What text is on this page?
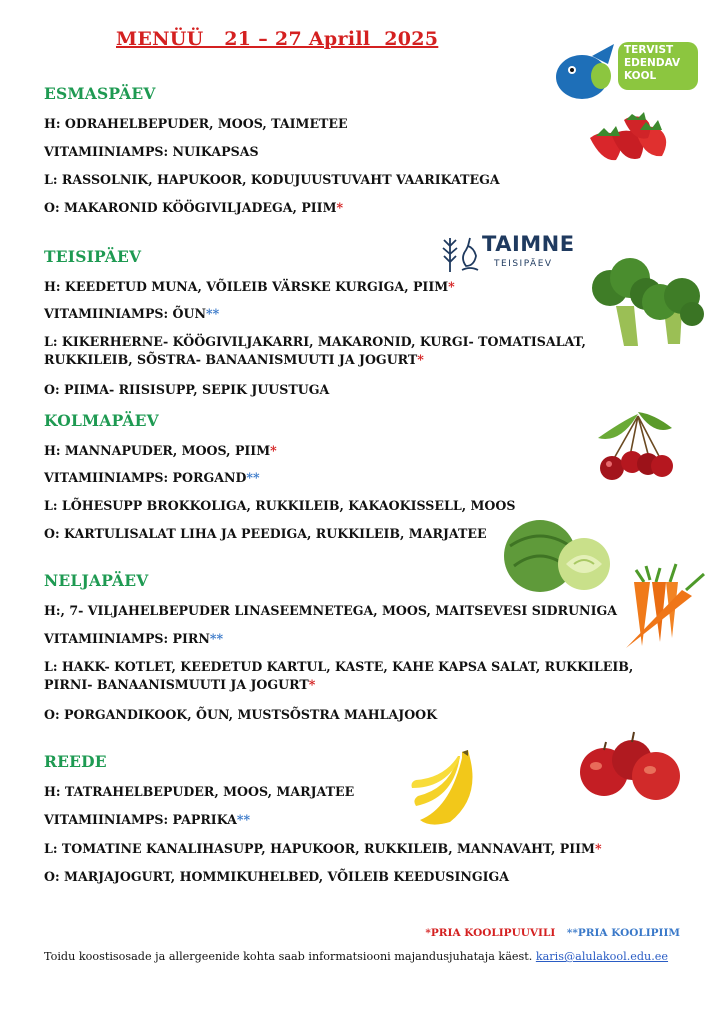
MENÜÜ   21 – 27 Aprill  2025	TERVIST
EDENDAV
KOOL
TAIMNE
TEISIPÄEV
ESMASPÄEV
H: ODRAHELBEPUDER, MOOS, TAIMETEE
VITAMIINIAMPS: NUIKAPSAS
L: RASSOLNIK, HAPUKOOR, KODUJUUSTUVAHT VAARIKATEGA
O: MAKARONID KÖÖGIVILJADEGA, PIIM*
TEISIPÄEV
H: KEEDETUD MUNA, VÕILEIB VÄRSKE KURGIGA, PIIM*
VITAMIINIAMPS: ÕUN**
L: KIKERHERNE- KÖÖGIVILJAKARRI, MAKARONID, KURGI- TOMATISALAT, RUKKILEIB, SÕSTRA- BANAANISMUUTI JA JOGURT*
O: PIIMA- RIISISUPP, SEPIK JUUSTUGA
KOLMAPÄEV
H: MANNAPUDER, MOOS, PIIM*
VITAMIINIAMPS: PORGAND**
L: LÕHESUPP BROKKOLIGA, RUKKILEIB, KAKAOKISSELL, MOOS
O: KARTULISALAT LIHA JA PEEDIGA, RUKKILEIB, MARJATEE
NELJAPÄEV
H:, 7- VILJAHELBEPUDER LINASEEMNETEGA, MOOS, MAITSEVESI SIDRUNIGA
VITAMIINIAMPS: PIRN**
L: HAKK- KOTLET, KEEDETUD KARTUL, KASTE, KAHE KAPSA SALAT, RUKKILEIB, PIRNI- BANAANISMUUTI JA JOGURT*
O: PORGANDIKOOK, ÕUN, MUSTSÕSTRA MAHLAJOOK
REEDE
H: TATRAHELBEPUDER, MOOS, MARJATEE
VITAMIINIAMPS: PAPRIKA**
L: TOMATINE KANALIHASUPP, HAPUKOOR, RUKKILEIB, MANNAVAHT, PIIM*
O: MARJAJOGURT, HOMMIKUHELBED, VÕILEIB KEEDUSINGIGA
*PRIA KOOLIPUUVILI **PRIA KOOLIPIIM
Toidu koostisosade ja allergeenide kohta saab informatsiooni majandusjuhataja käest. karis@alulakool.edu.ee
